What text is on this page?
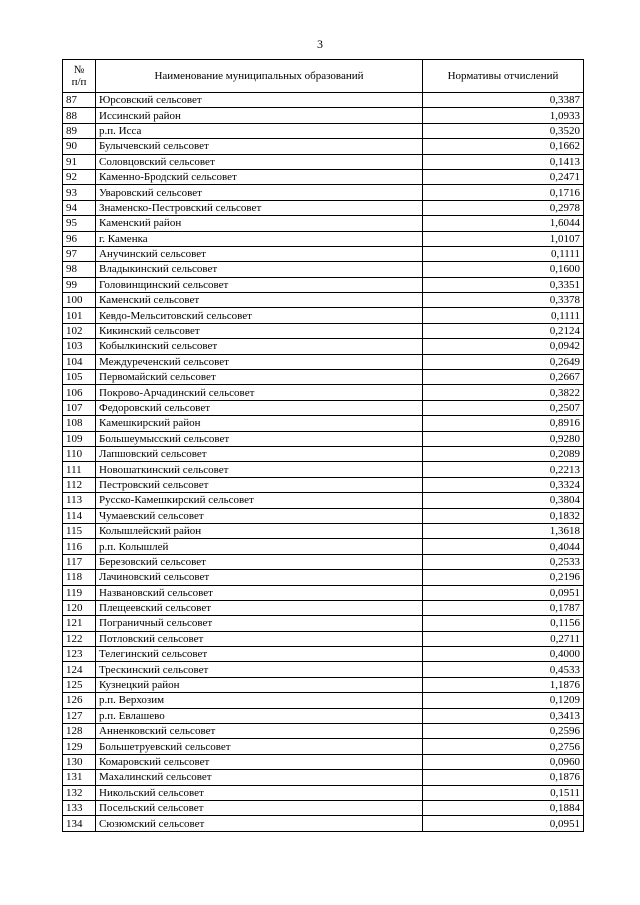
3
№
п/п	Наименование муниципальных образований	Нормативы отчислений
87	Юрсовский сельсовет	0,3387
88	Иссинский район	1,0933
89	р.п. Исса	0,3520
90	Булычевский сельсовет	0,1662
91	Соловцовский сельсовет	0,1413
92	Каменно-Бродский сельсовет	0,2471
93	Уваровский сельсовет	0,1716
94	Знаменско-Пестровский сельсовет	0,2978
95	Каменский район	1,6044
96	г. Каменка	1,0107
97	Анучинский сельсовет	0,1111
98	Владыкинский сельсовет	0,1600
99	Головинщинский сельсовет	0,3351
100	Каменский сельсовет	0,3378
101	Кевдо-Мельситовский сельсовет	0,1111
102	Кикинский сельсовет	0,2124
103	Кобылкинский сельсовет	0,0942
104	Междуреченский сельсовет	0,2649
105	Первомайский сельсовет	0,2667
106	Покрово-Арчадинский сельсовет	0,3822
107	Федоровский сельсовет	0,2507
108	Камешкирский район	0,8916
109	Большеумысский сельсовет	0,9280
110	Лапшовский сельсовет	0,2089
111	Новошаткинский сельсовет	0,2213
112	Пестровский сельсовет	0,3324
113	Русско-Камешкирский сельсовет	0,3804
114	Чумаевский сельсовет	0,1832
115	Колышлейский район	1,3618
116	р.п. Колышлей	0,4044
117	Березовский сельсовет	0,2533
118	Лачиновский сельсовет	0,2196
119	Названовский сельсовет	0,0951
120	Плещеевский сельсовет	0,1787
121	Пограничный сельсовет	0,1156
122	Потловский сельсовет	0,2711
123	Телегинский сельсовет	0,4000
124	Трескинский сельсовет	0,4533
125	Кузнецкий район	1,1876
126	р.п. Верхозим	0,1209
127	р.п. Евлашево	0,3413
128	Анненковский сельсовет	0,2596
129	Большетруевский сельсовет	0,2756
130	Комаровский сельсовет	0,0960
131	Махалинский сельсовет	0,1876
132	Никольский сельсовет	0,1511
133	Посельский сельсовет	0,1884
134	Сюзюмский сельсовет	0,0951
